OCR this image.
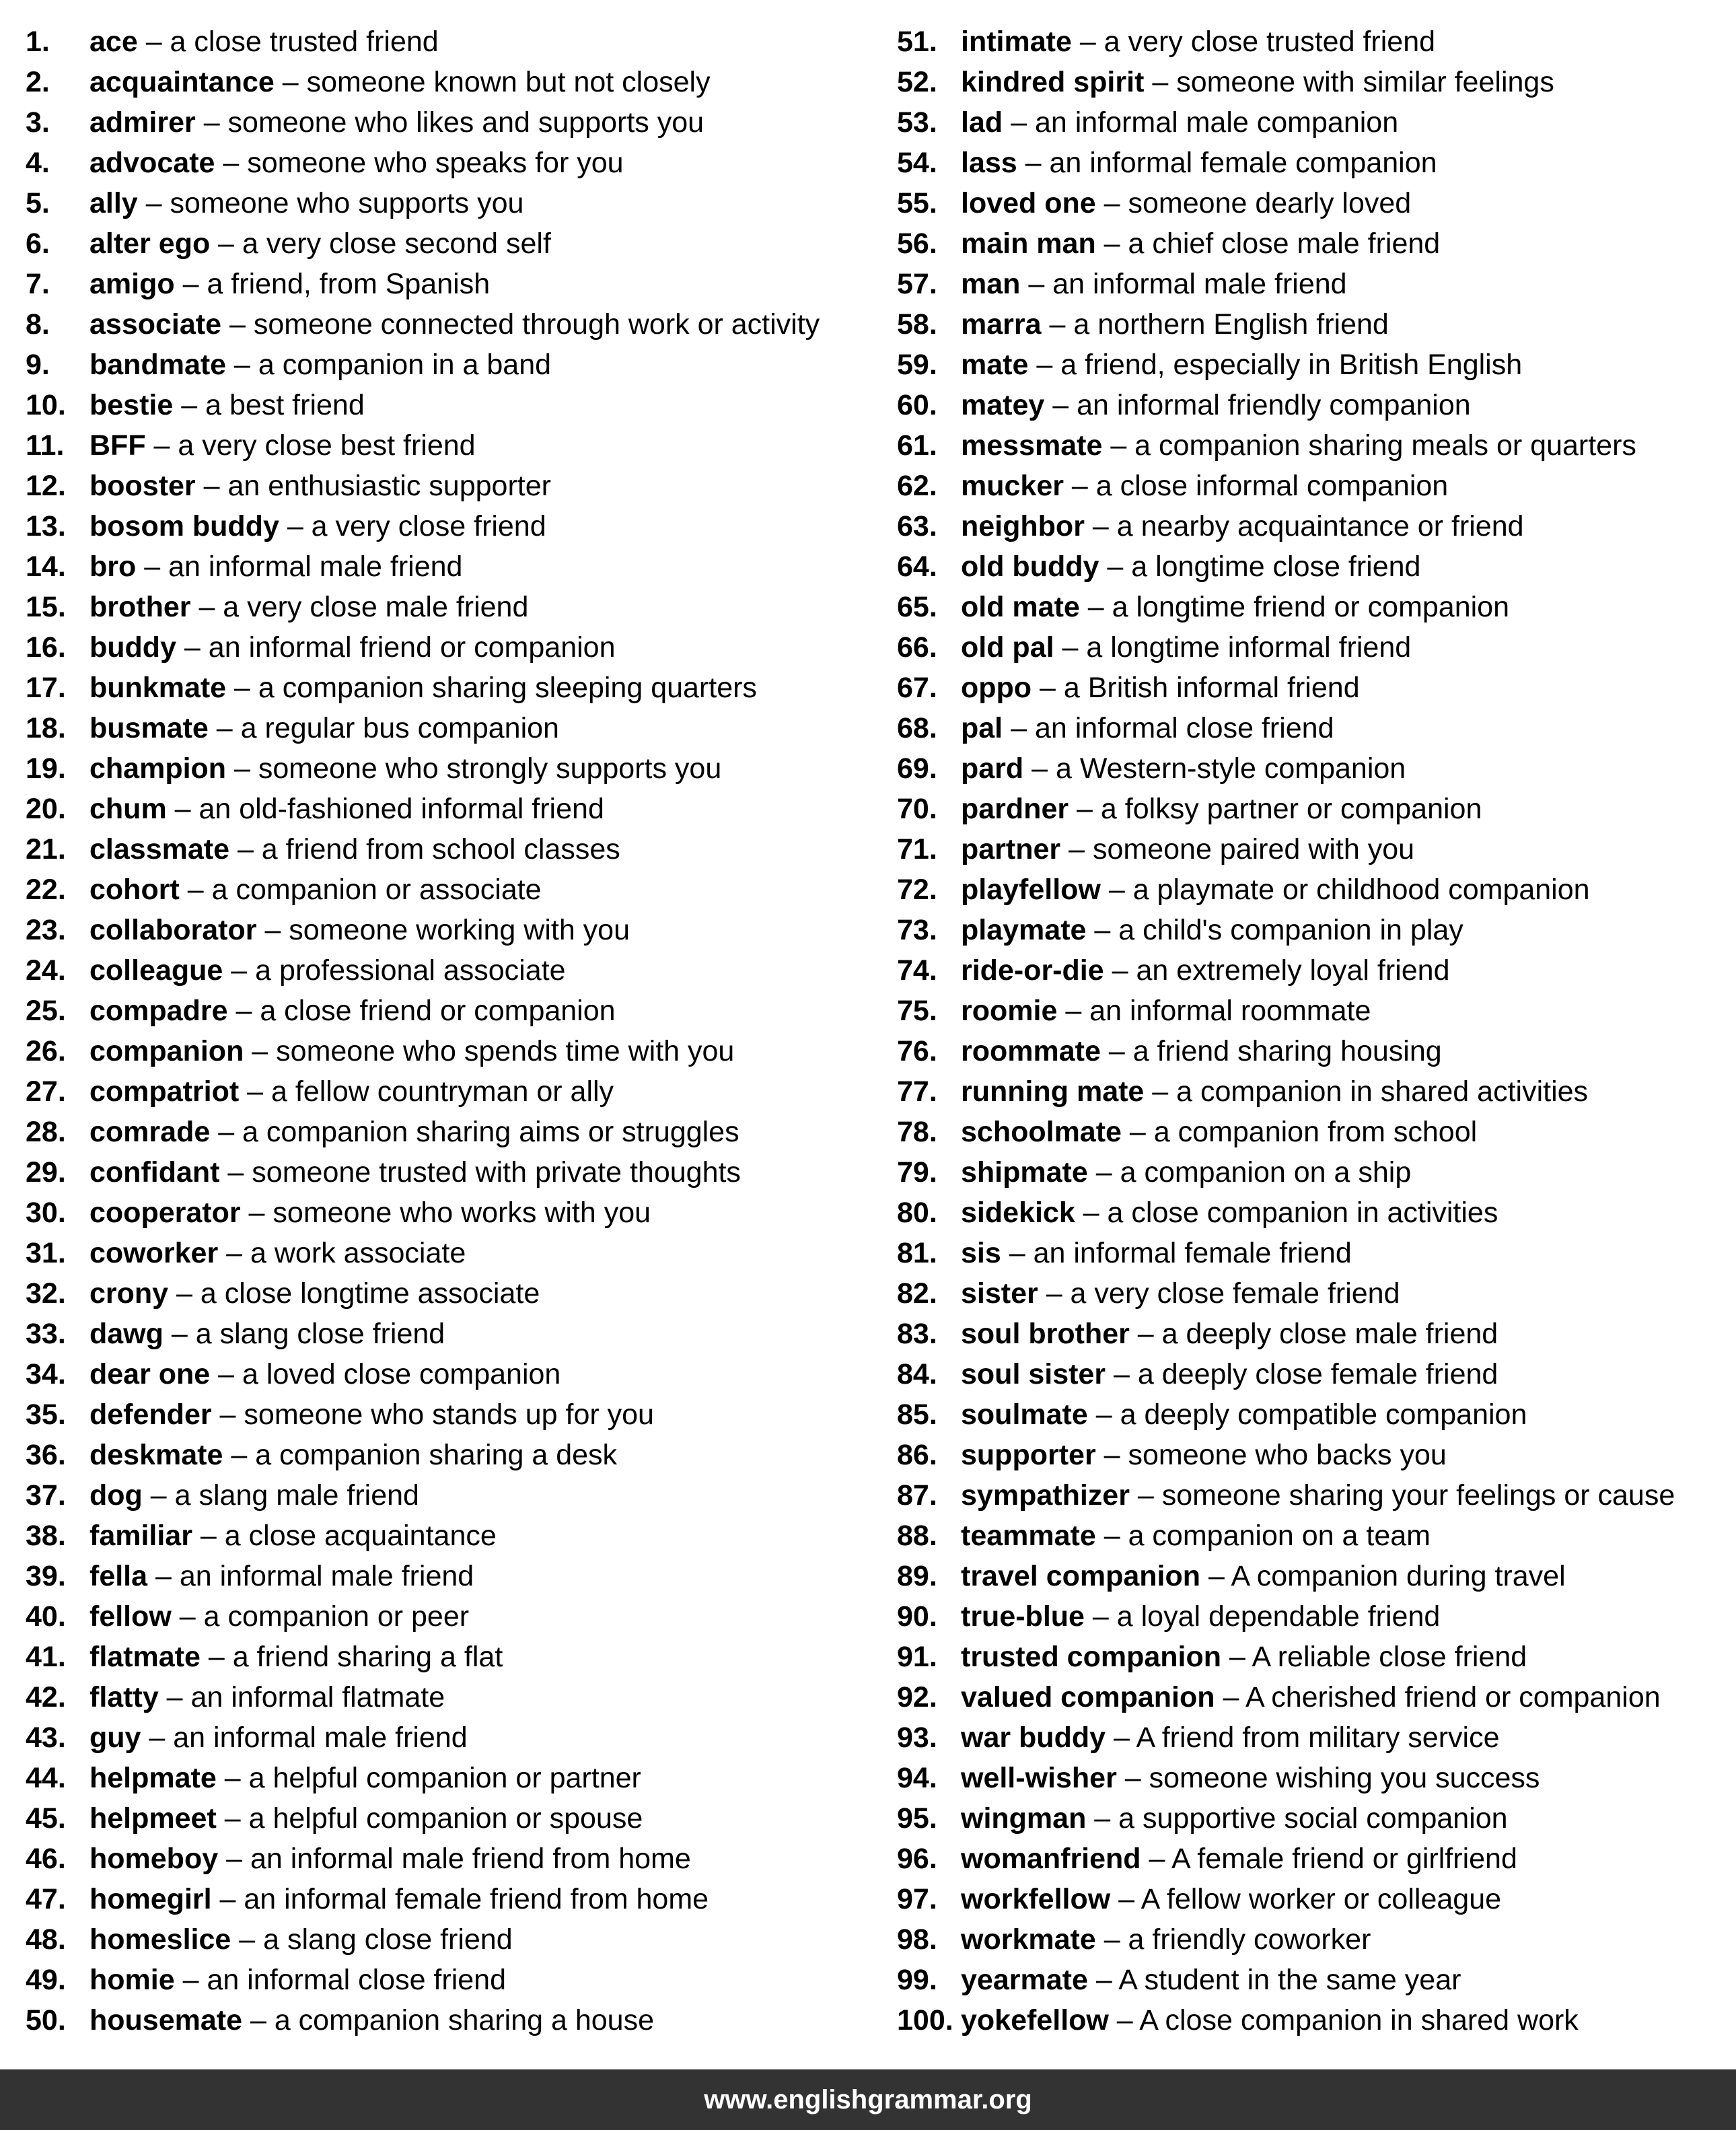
1. ace – a close trusted friend
2. acquaintance – someone known but not closely
3. admirer – someone who likes and supports you
4. advocate – someone who speaks for you
5. ally – someone who supports you
6. alter ego – a very close second self
7. amigo – a friend, from Spanish
8. associate – someone connected through work or activity
9. bandmate – a companion in a band
10. bestie – a best friend
11. BFF – a very close best friend
12. booster – an enthusiastic supporter
13. bosom buddy – a very close friend
14. bro – an informal male friend
15. brother – a very close male friend
16. buddy – an informal friend or companion
17. bunkmate – a companion sharing sleeping quarters
18. busmate – a regular bus companion
19. champion – someone who strongly supports you
20. chum – an old-fashioned informal friend
21. classmate – a friend from school classes
22. cohort – a companion or associate
23. collaborator – someone working with you
24. colleague – a professional associate
25. compadre – a close friend or companion
26. companion – someone who spends time with you
27. compatriot – a fellow countryman or ally
28. comrade – a companion sharing aims or struggles
29. confidant – someone trusted with private thoughts
30. cooperator – someone who works with you
31. coworker – a work associate
32. crony – a close longtime associate
33. dawg – a slang close friend
34. dear one – a loved close companion
35. defender – someone who stands up for you
36. deskmate – a companion sharing a desk
37. dog – a slang male friend
38. familiar – a close acquaintance
39. fella – an informal male friend
40. fellow – a companion or peer
41. flatmate – a friend sharing a flat
42. flatty – an informal flatmate
43. guy – an informal male friend
44. helpmate – a helpful companion or partner
45. helpmeet – a helpful companion or spouse
46. homeboy – an informal male friend from home
47. homegirl – an informal female friend from home
48. homeslice – a slang close friend
49. homie – an informal close friend
50. housemate – a companion sharing a house
51. intimate – a very close trusted friend
52. kindred spirit – someone with similar feelings
53. lad – an informal male companion
54. lass – an informal female companion
55. loved one – someone dearly loved
56. main man – a chief close male friend
57. man – an informal male friend
58. marra – a northern English friend
59. mate – a friend, especially in British English
60. matey – an informal friendly companion
61. messmate – a companion sharing meals or quarters
62. mucker – a close informal companion
63. neighbor – a nearby acquaintance or friend
64. old buddy – a longtime close friend
65. old mate – a longtime friend or companion
66. old pal – a longtime informal friend
67. oppo – a British informal friend
68. pal – an informal close friend
69. pard – a Western-style companion
70. pardner – a folksy partner or companion
71. partner – someone paired with you
72. playfellow – a playmate or childhood companion
73. playmate – a child's companion in play
74. ride-or-die – an extremely loyal friend
75. roomie – an informal roommate
76. roommate – a friend sharing housing
77. running mate – a companion in shared activities
78. schoolmate – a companion from school
79. shipmate – a companion on a ship
80. sidekick – a close companion in activities
81. sis – an informal female friend
82. sister – a very close female friend
83. soul brother – a deeply close male friend
84. soul sister – a deeply close female friend
85. soulmate – a deeply compatible companion
86. supporter – someone who backs you
87. sympathizer – someone sharing your feelings or cause
88. teammate – a companion on a team
89. travel companion – A companion during travel
90. true-blue – a loyal dependable friend
91. trusted companion – A reliable close friend
92. valued companion – A cherished friend or companion
93. war buddy – A friend from military service
94. well-wisher – someone wishing you success
95. wingman – a supportive social companion
96. womanfriend – A female friend or girlfriend
97. workfellow – A fellow worker or colleague
98. workmate – a friendly coworker
99. yearmate – A student in the same year
100. yokefellow – A close companion in shared work
www.englishgrammar.org
